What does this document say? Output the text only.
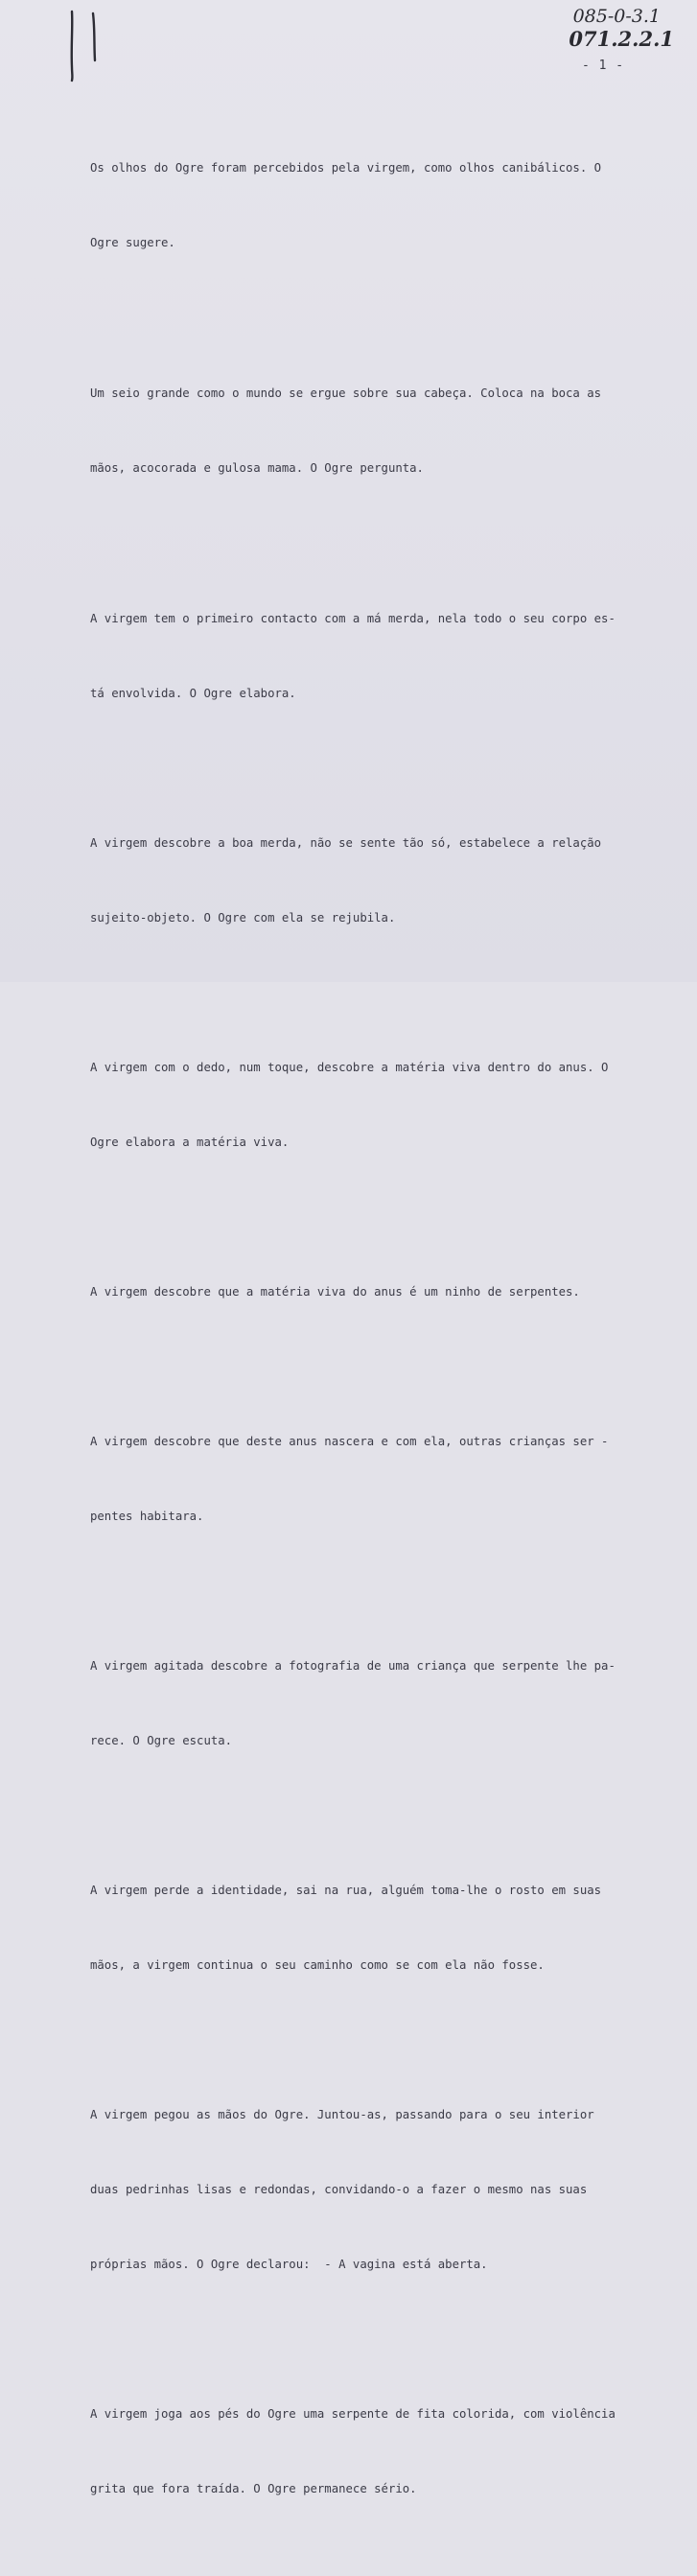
085-0-3.1
071.2.2.1
- 1 -

Os olhos do Ogre foram percebidos pela virgem, como olhos canibálicos. O

Ogre sugere.

Um seio grande como o mundo se ergue sobre sua cabeça. Coloca na boca as

mãos, acocorada e gulosa mama. O Ogre pergunta.

A virgem tem o primeiro contacto com a má merda, nela todo o seu corpo es-

tá envolvida. O Ogre elabora.

A virgem descobre a boa merda, não se sente tão só, estabelece a relação

sujeito-objeto. O Ogre com ela se rejubila.

A virgem com o dedo, num toque, descobre a matéria viva dentro do anus. O

Ogre elabora a matéria viva.

A virgem descobre que a matéria viva do anus é um ninho de serpentes.

A virgem descobre que deste anus nascera e com ela, outras crianças ser -

pentes habitara.

A virgem agitada descobre a fotografia de uma criança que serpente lhe pa-

rece. O Ogre escuta.

A virgem perde a identidade, sai na rua, alguém toma-lhe o rosto em suas

mãos, a virgem continua o seu caminho como se com ela não fosse.

A virgem pegou as mãos do Ogre. Juntou-as, passando para o seu interior

duas pedrinhas lisas e redondas, convidando-o a fazer o mesmo nas suas

próprias mãos. O Ogre declarou:  - A vagina está aberta.

A virgem joga aos pés do Ogre uma serpente de fita colorida, com violência

grita que fora traída. O Ogre permanece sério.
